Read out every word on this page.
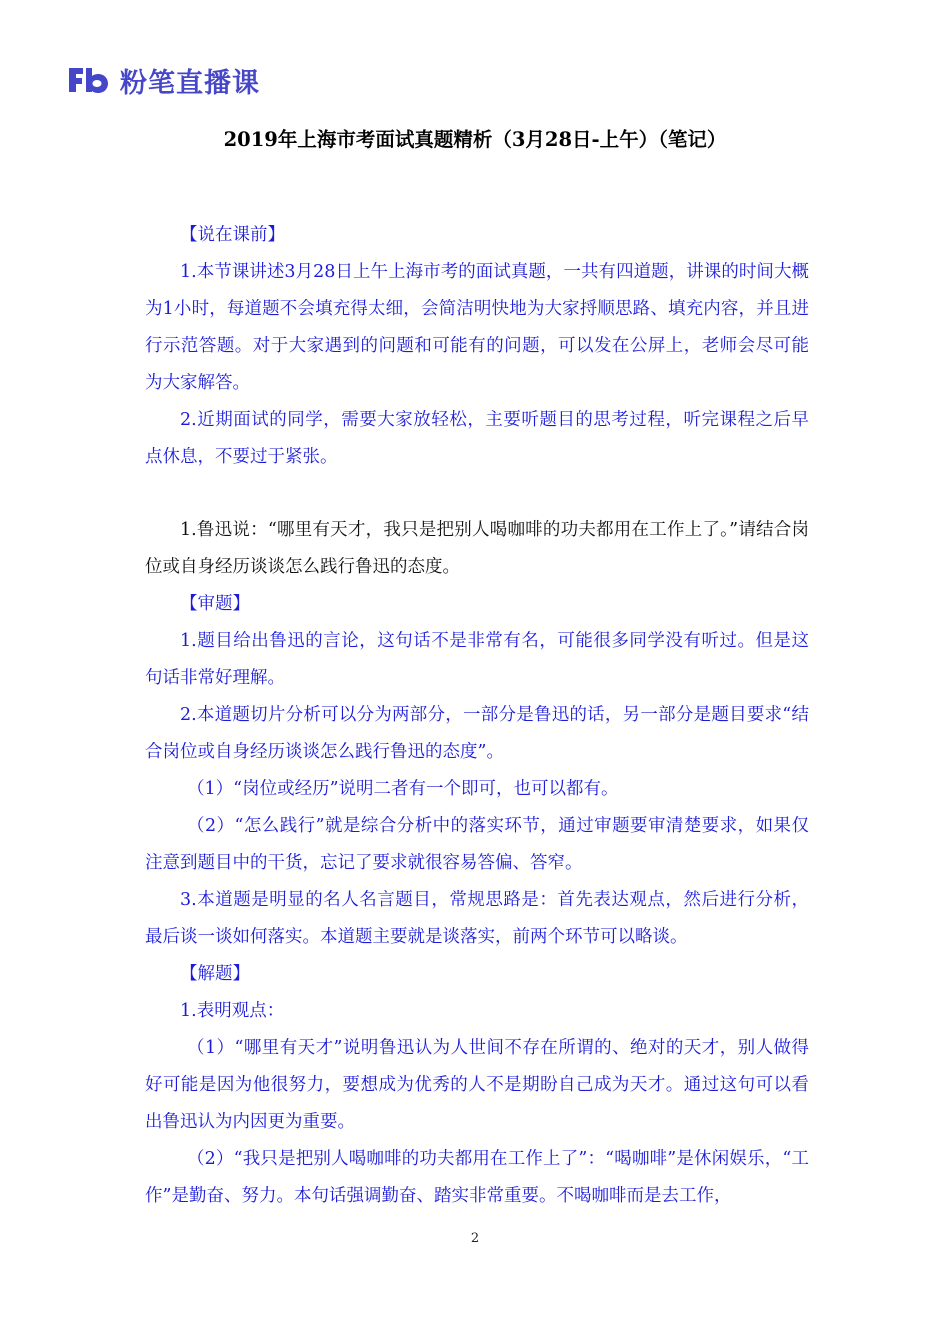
粉笔直播课
2019年上海市考面试真题精析（3月28日-上午）（笔记）

【说在课前】

1.本节课讲述3月28日上午上海市考的面试真题，一共有四道题，讲课的时间大概为1小时，每道题不会填充得太细，会简洁明快地为大家捋顺思路、填充内容，并且进行示范答题。对于大家遇到的问题和可能有的问题，可以发在公屏上，老师会尽可能为大家解答。

2.近期面试的同学，需要大家放轻松，主要听题目的思考过程，听完课程之后早点休息，不要过于紧张。

1.鲁迅说：“哪里有天才，我只是把别人喝咖啡的功夫都用在工作上了。”请结合岗位或自身经历谈谈怎么践行鲁迅的态度。

【审题】

1.题目给出鲁迅的言论，这句话不是非常有名，可能很多同学没有听过。但是这句话非常好理解。

2.本道题切片分析可以分为两部分，一部分是鲁迅的话，另一部分是题目要求“结合岗位或自身经历谈谈怎么践行鲁迅的态度”。

（1）“岗位或经历”说明二者有一个即可，也可以都有。

（2）“怎么践行”就是综合分析中的落实环节，通过审题要审清楚要求，如果仅注意到题目中的干货，忘记了要求就很容易答偏、答窄。

3.本道题是明显的名人名言题目，常规思路是：首先表达观点，然后进行分析，最后谈一谈如何落实。本道题主要就是谈落实，前两个环节可以略谈。

【解题】

1.表明观点：

（1）“哪里有天才”说明鲁迅认为人世间不存在所谓的、绝对的天才，别人做得好可能是因为他很努力，要想成为优秀的人不是期盼自己成为天才。通过这句可以看出鲁迅认为内因更为重要。

（2）“我只是把别人喝咖啡的功夫都用在工作上了”：“喝咖啡”是休闲娱乐，“工作”是勤奋、努力。本句话强调勤奋、踏实非常重要。不喝咖啡而是去工作，

2
